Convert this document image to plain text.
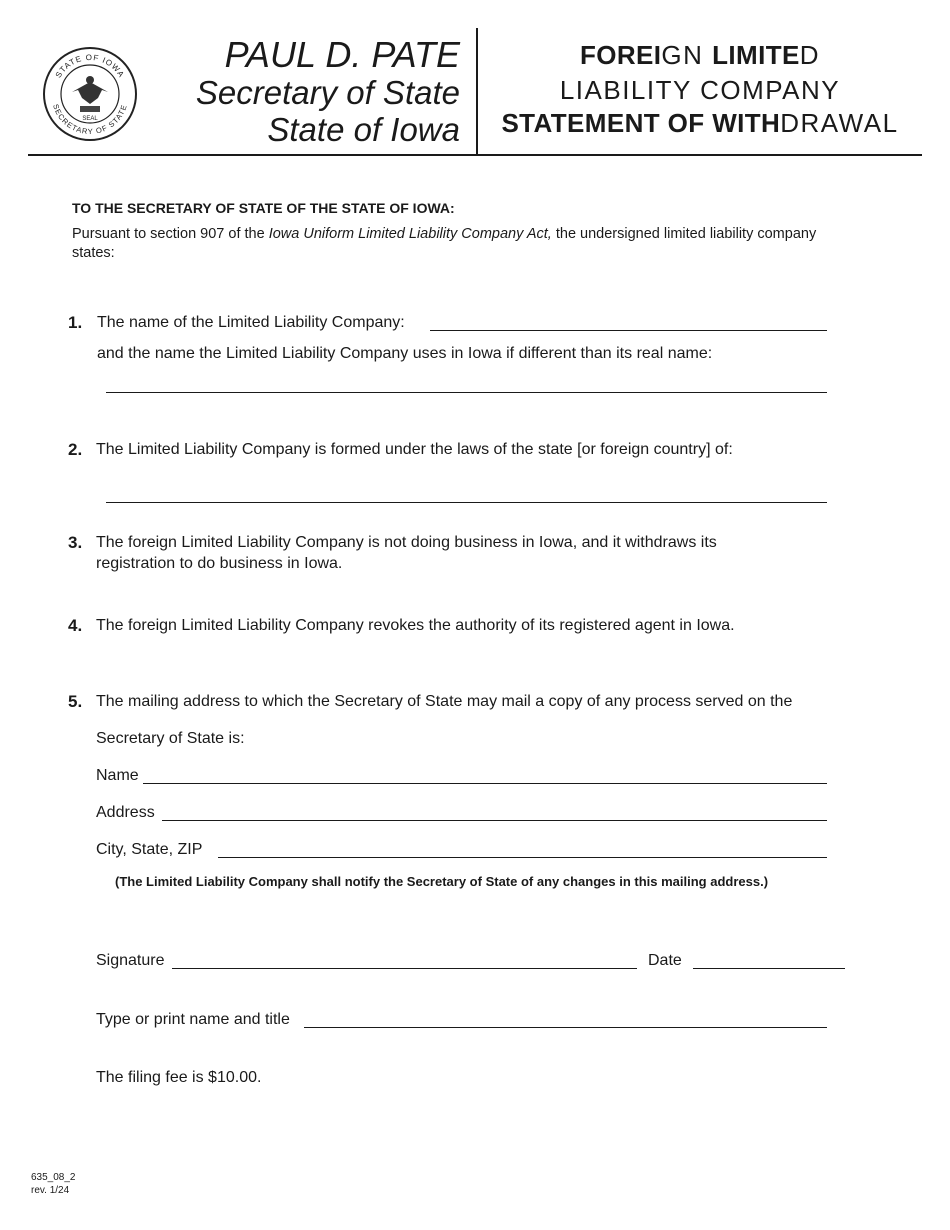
STATE OF IOWA
SECRETARY OF STATE
SEAL
PAUL D. PATE
Secretary of State
State of Iowa
FOREIGN LIMITED
LIABILITY COMPANY
STATEMENT OF WITHDRAWAL
TO THE SECRETARY OF STATE OF THE STATE OF IOWA:
Pursuant to section 907 of the Iowa Uniform Limited Liability Company Act, the undersigned limited liability company states:
1. The name of the Limited Liability Company:
and the name the Limited Liability Company uses in Iowa if different than its real name:
2. The Limited Liability Company is formed under the laws of the state [or foreign country] of:
3. The foreign Limited Liability Company is not doing business in Iowa, and it withdraws its
registration to do business in Iowa.
4. The foreign Limited Liability Company revokes the authority of its registered agent in Iowa.
5. The mailing address to which the Secretary of State may mail a copy of any process served on the
Secretary of State is:
Name
Address
City, State, ZIP
(The Limited Liability Company shall notify the Secretary of State of any changes in this mailing address.)
Signature	Date
Type or print name and title
The filing fee is $10.00.
635_08_2
rev. 1/24
